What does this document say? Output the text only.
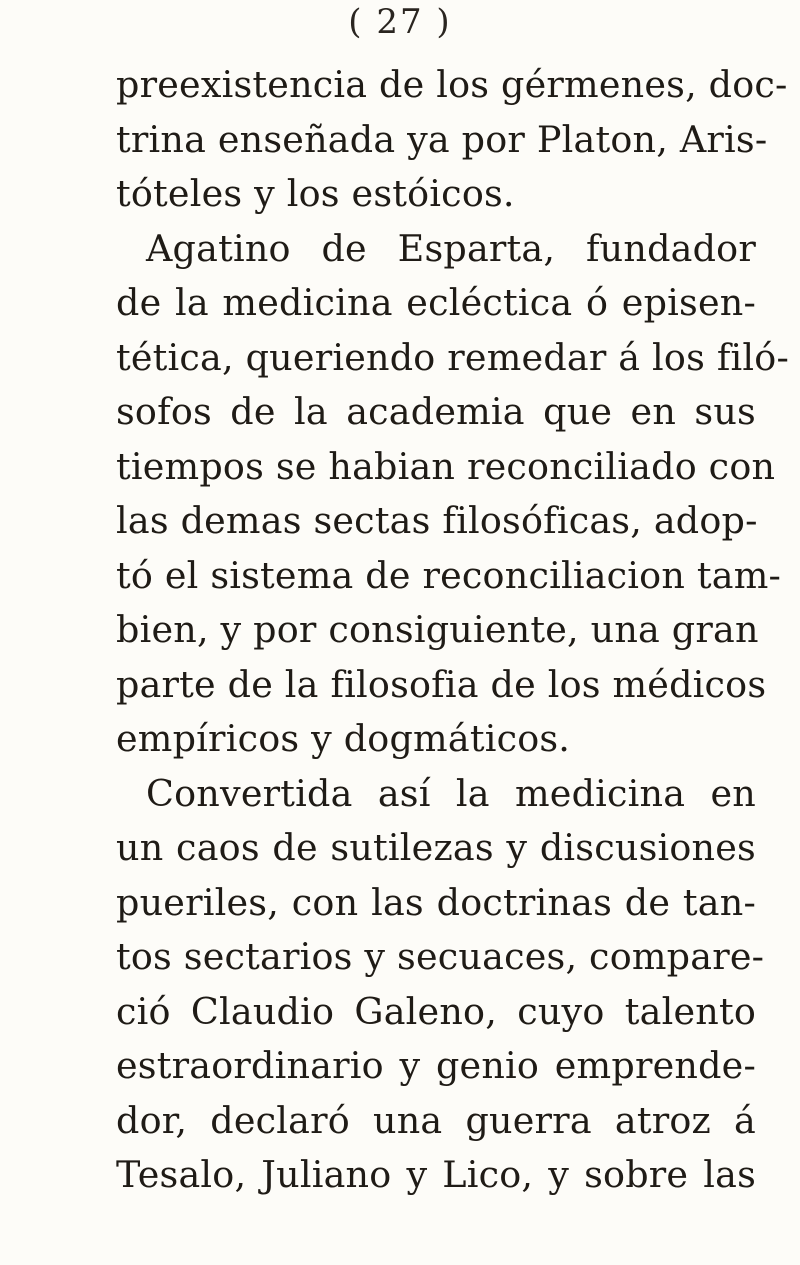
( 27 )
preexistencia de los gérmenes, doc-
trina enseñada ya por Platon, Aris-
tóteles y los estóicos.
Agatino de Esparta, fundador
de la medicina ecléctica ó episen-
tética, queriendo remedar á los filó-
sofos de la academia que en sus
tiempos se habian reconciliado con
las demas sectas filosóficas, adop-
tó el sistema de reconciliacion tam-
bien, y por consiguiente, una gran
parte de la filosofia de los médicos
empíricos y dogmáticos.
Convertida así la medicina en
un caos de sutilezas y discusiones
pueriles, con las doctrinas de tan-
tos sectarios y secuaces, compare-
ció Claudio Galeno, cuyo talento
estraordinario y genio emprende-
dor, declaró una guerra atroz á
Tesalo, Juliano y Lico, y sobre las
